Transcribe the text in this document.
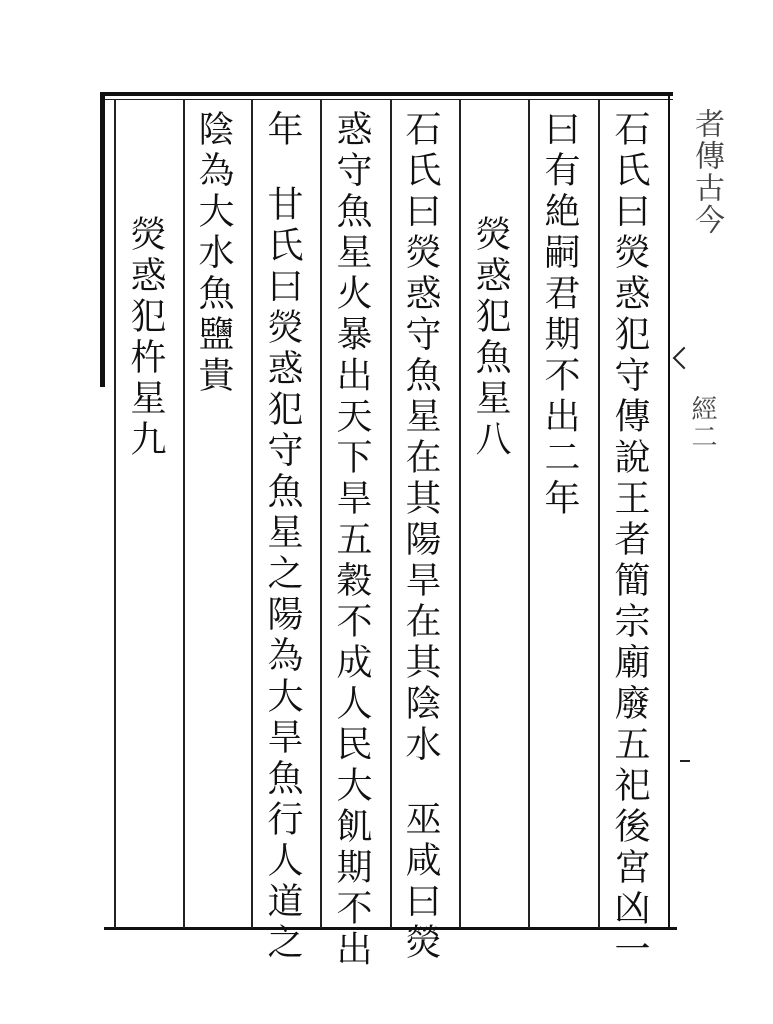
石氏曰熒惑犯守傳說王者簡宗廟廢五祀後宮凶一
曰有絶嗣君期不出二年
熒惑犯魚星八
石氏曰熒惑守魚星在其陽旱在其陰水巫咸曰熒
惑守魚星火暴出天下旱五穀不成人民大飢期不出
年甘氏曰熒惑犯守魚星之陽為大旱魚行人道之
陰為大水魚鹽貴
熒惑犯杵星九
者傳古今
經二
